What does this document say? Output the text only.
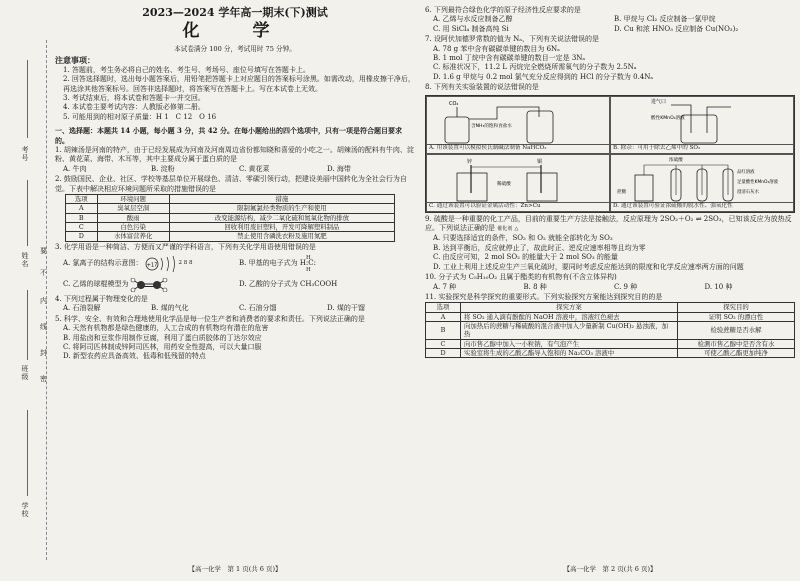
考号
姓名
班级
学校
要
不
内
线
封
密
2023—2024 学年高一期末(下)测试
化　学
本试卷满分 100 分，考试用时 75 分钟。
注意事项：

1. 答题前，考生务必将自己的姓名、考生号、考场号、座位号填写在答题卡上。

2. 回答选择题时，选出每小题答案后，用铅笔把答题卡上对应题目的答案标号涂黑。如需改动，用橡皮擦干净后，再选涂其他答案标号。回答非选择题时，将答案写在答题卡上。写在本试卷上无效。

3. 考试结束后，将本试卷和答题卡一并交回。

4. 本试卷主要考试内容：人教版必修第二册。

5. 可能用到的相对原子质量：H 1　C 12　O 16

一、选择题：本题共 14 小题，每小题 3 分，共 42 分。在每小题给出的四个选项中，只有一项是符合题目要求的。

1. 胡辣汤是河南的特产，由于已经发展成为河南及河南周边省份都知晓和喜爱的小吃之一。胡辣汤的配料有牛肉、淀粉、黄花菜、海带、木耳等，其中主要成分属于蛋白质的是

A. 牛肉	B. 淀粉	C. 黄花菜	D. 海带

2. 鼓励国民、企业、社区、学校等基层单位开展绿色、清洁、零碳引领行动，把建设美丽中国转化为全社会行为自觉。下表中解决相应环境问题所采取的措施错误的是

选项	环境问题	措施
A	臭氧层空洞	限制氟氯烃类物质的生产和使用
B	酸雨	改变能源结构，减少二氧化硫和氮氧化物的排放
C	白色污染	回收利用废旧塑料，开发可降解塑料制品
D	水体富营养化	禁止使用含磷洗衣粉及施用氮肥

3. 化学用语是一种简洁、方便而又严谨的学科语言，下列有关化学用语使用错误的是

A. 氯离子的结构示意图： +17	2 8 8	B. 甲基的电子式为 H:C:
H
H
C. 乙烯的球棍模型为	D. 乙酸的分子式为 CH₃COOH

4. 下列过程属于物理变化的是

A. 石油裂解	B. 煤的气化	C. 石油分馏	D. 煤的干馏

5. 科学、安全、有效和合理地使用化学品是每一位生产者和消费者的要求和责任。下列说法正确的是

A. 天然有机物都是绿色健康的，人工合成的有机物均有潜在的危害

B. 用盐卤和豆浆作用制作豆腐，利用了蛋白质胶体的丁达尔效应

C. 将阿司匹林制成锌阿司匹林，用药安全性提高，可以大量口服

D. 新型农药应具备高效、低毒和低残留的特点

【高一化学　第 1 页(共 6 页)】

6. 下列最符合绿色化学的原子经济性反应要求的是

A. 乙烯与水反应制备乙醇	B. 甲烷与 Cl₂ 反应制备一氯甲烷
C. 用 SiCl₄ 制备高纯 Si	D. Cu 和浓 HNO₃ 反应制备 Cu(NO₃)₂

7. 设阿伏加德罗常数的值为 Nₐ，下列有关说法错误的是

A. 78 g 苯中含有碳碳单键的数目为 6Nₐ

B. 1 mol 丁烷中含有碳碳单键的数目一定是 3Nₐ

C. 标准状况下，11.2 L 丙烷完全燃烧所需氧气的分子数为 2.5Nₐ

D. 1.6 g 甲烷与 0.2 mol 氯气充分反应得到的 HCl 的分子数为 0.4Nₐ

8. 下列有关实验装置的说法错误的是

CO₂
含NH₃的饱和食盐水
A. 用该装置可以模拟侯氏制碱法制备 NaHCO₃
进气口
酸性KMnO₄溶液
B. 除杂：可用于除去乙烯中的 SO₂
锌	铜
稀硫酸
C. 通过该装置可以验证金属活动性：Zn>Cu
浓硫酸
蔗糖
品红溶液
足量酸性KMnO₄溶液
澄清石灰水
D. 通过该装置可验证浓硫酸的脱水性、强氧化性

9. 硫酸是一种重要的化工产品，目前的重要生产方法是接触法，反应原理为 2SO₂＋O₂ ⇌ 2SO₃，已知该反应为放热反应。下列说法正确的是 催化剂 △

A. 只要选择适宜的条件，SO₂ 和 O₂ 就能全部转化为 SO₃

B. 达到平衡后，反应就停止了，故此时正、逆反应速率相等且均为零

C. 由反应可知，2 mol SO₂ 的能量大于 2 mol SO₃ 的能量

D. 工业上利用上述反应生产三氧化硫时，要同时考虑反应能达到的限度和化学反应速率两方面的问题

10. 分子式为 C₅H₁₀O₂ 且属于酯类的有机物有(不含立体异构)

A. 7 种	B. 8 种	C. 9 种	D. 10 种

11. 实验探究是科学探究的重要形式。下列实验探究方案能达到探究目的的是

选项	探究方案	探究目的
A	将 SO₂ 通入滴有酚酞的 NaOH 溶液中，溶液红色褪去	证明 SO₂ 的漂白性
B	向加热后的蔗糖与稀硫酸的混合液中加入少量新制 Cu(OH)₂ 悬浊液，加热	检验蔗糖是否水解
C	向市售乙醇中加入一小粒钠，有气泡产生	检测市售乙醇中是否含有水
D	实验室将生成的乙酸乙酯导入饱和的 Na₂CO₃ 溶液中	可使乙酸乙酯更加纯净
【高一化学　第 2 页(共 6 页)】
